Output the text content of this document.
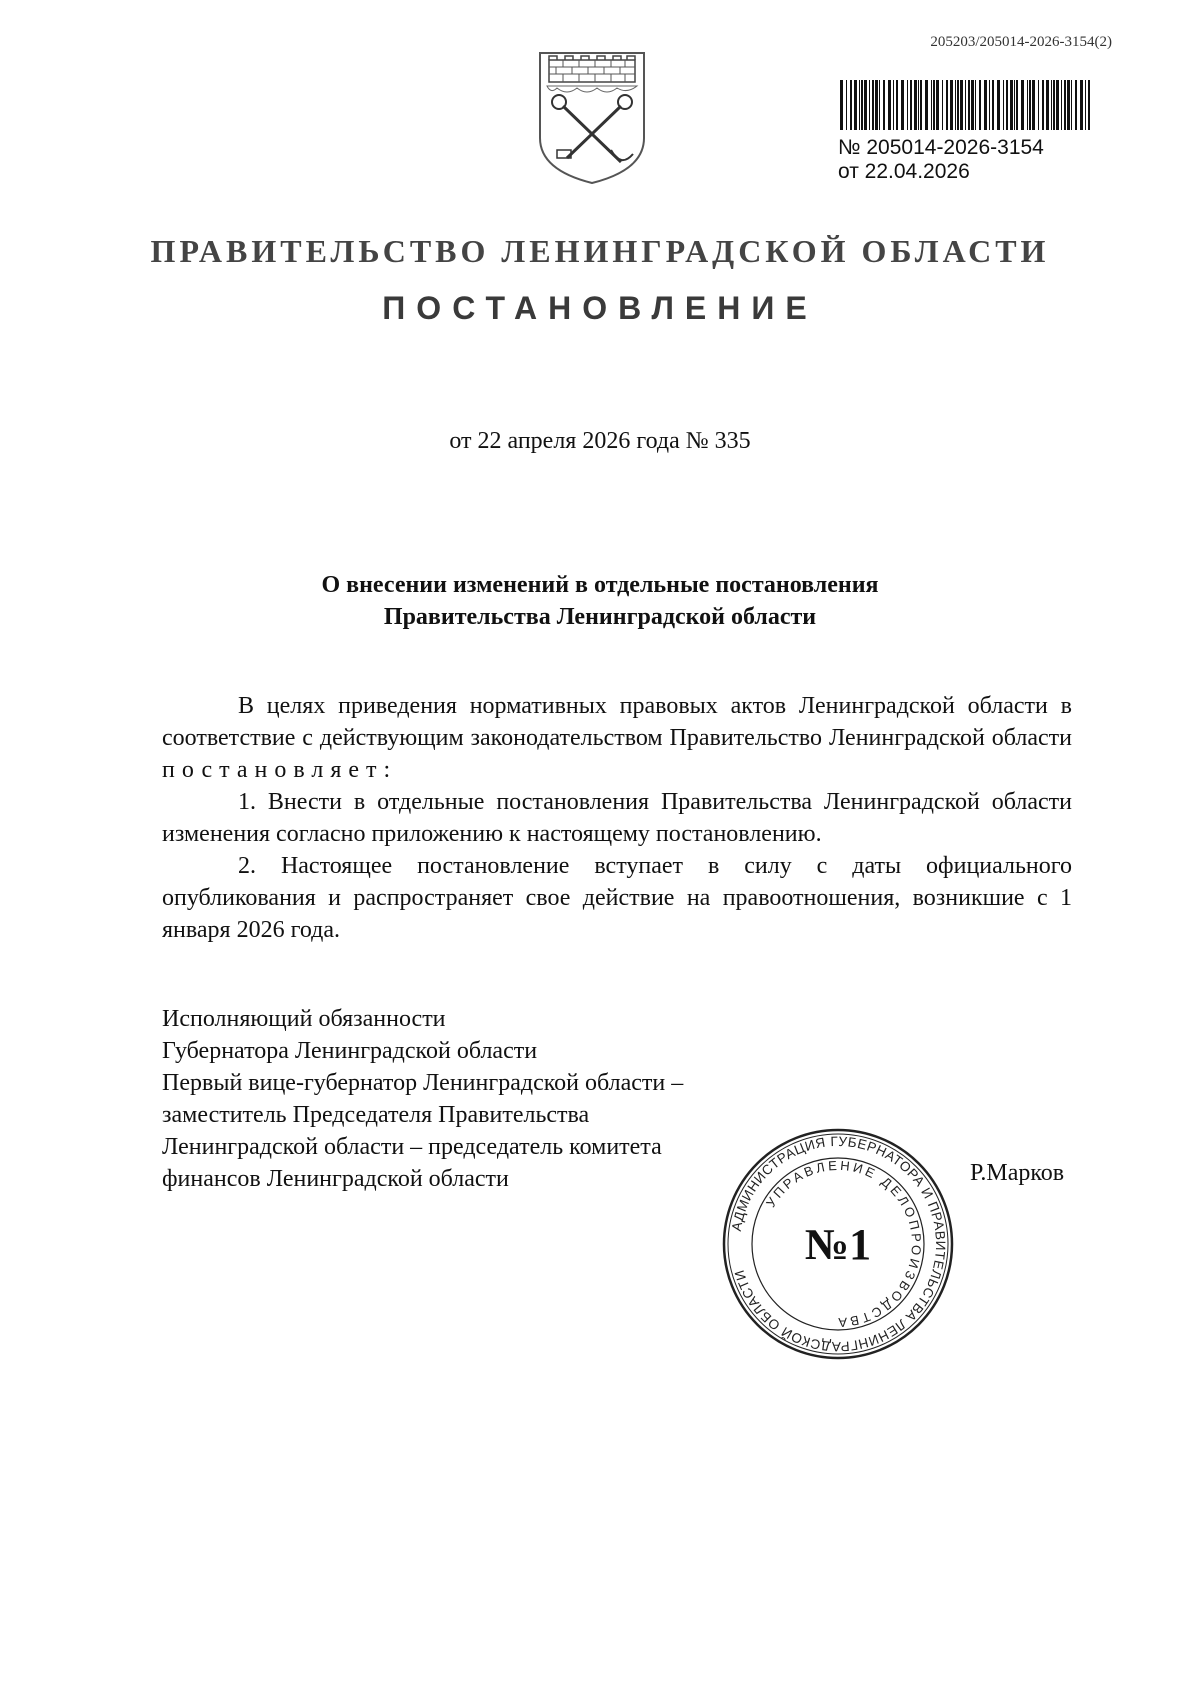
205203/205014-2026-3154(2)
№ 205014-2026-3154
от 22.04.2026
ПРАВИТЕЛЬСТВО ЛЕНИНГРАДСКОЙ ОБЛАСТИ
ПОСТАНОВЛЕНИЕ
от 22 апреля 2026 года № 335
О внесении изменений в отдельные постановления
Правительства Ленинградской области

В целях приведения нормативных правовых актов Ленинградской области в соответствие с действующим законодательством Правительство Ленинградской области постановляет:

1. Внести в отдельные постановления Правительства Ленинградской области изменения согласно приложению к настоящему постановлению.

2. Настоящее постановление вступает в силу с даты официального опубликования и распространяет свое действие на правоотношения, возникшие с 1 января 2026 года.

Исполняющий обязанности
Губернатора Ленинградской области
Первый вице-губернатор Ленинградской области –
заместитель Председателя Правительства
Ленинградской области – председатель комитета
финансов Ленинградской области	Р.Марков
АДМИНИСТРАЦИЯ ГУБЕРНАТОРА И ПРАВИТЕЛЬСТВА ЛЕНИНГРАДСКОЙ ОБЛАСТИ
УПРАВЛЕНИЕ ДЕЛОПРОИЗВОДСТВА
№1
